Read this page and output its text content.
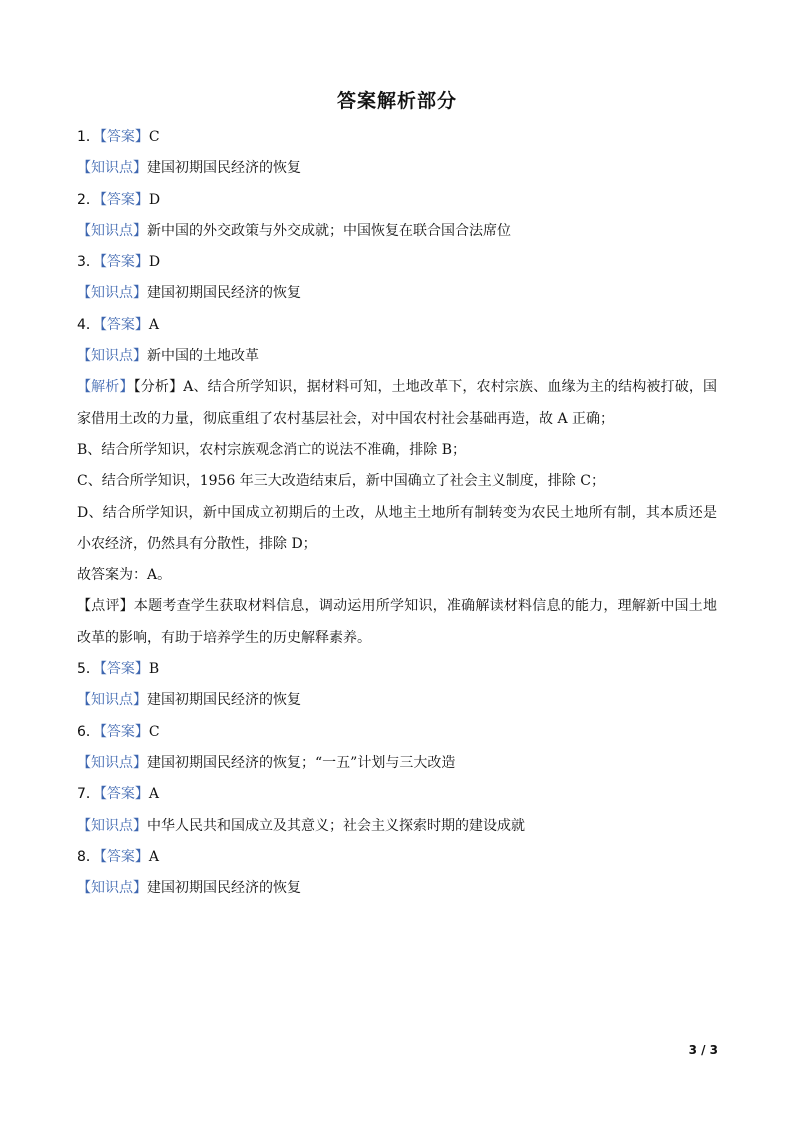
答案解析部分
1．【答案】C
【知识点】建国初期国民经济的恢复
2．【答案】D
【知识点】新中国的外交政策与外交成就；中国恢复在联合国合法席位
3．【答案】D
【知识点】建国初期国民经济的恢复
4．【答案】A
【知识点】新中国的土地改革
【解析】【分析】A、结合所学知识，据材料可知，土地改革下，农村宗族、血缘为主的结构被打破，国家借用土改的力量，彻底重组了农村基层社会，对中国农村社会基础再造，故 A 正确；
B、结合所学知识，农村宗族观念消亡的说法不准确，排除 B；
C、结合所学知识，1956 年三大改造结束后，新中国确立了社会主义制度，排除 C；
D、结合所学知识，新中国成立初期后的土改，从地主土地所有制转变为农民土地所有制，其本质还是小农经济，仍然具有分散性，排除 D；
故答案为：A。
【点评】本题考查学生获取材料信息，调动运用所学知识，准确解读材料信息的能力，理解新中国土地改革的影响，有助于培养学生的历史解释素养。
5．【答案】B
【知识点】建国初期国民经济的恢复
6．【答案】C
【知识点】建国初期国民经济的恢复；“一五”计划与三大改造
7．【答案】A
【知识点】中华人民共和国成立及其意义；社会主义探索时期的建设成就
8．【答案】A
【知识点】建国初期国民经济的恢复
3 / 3
